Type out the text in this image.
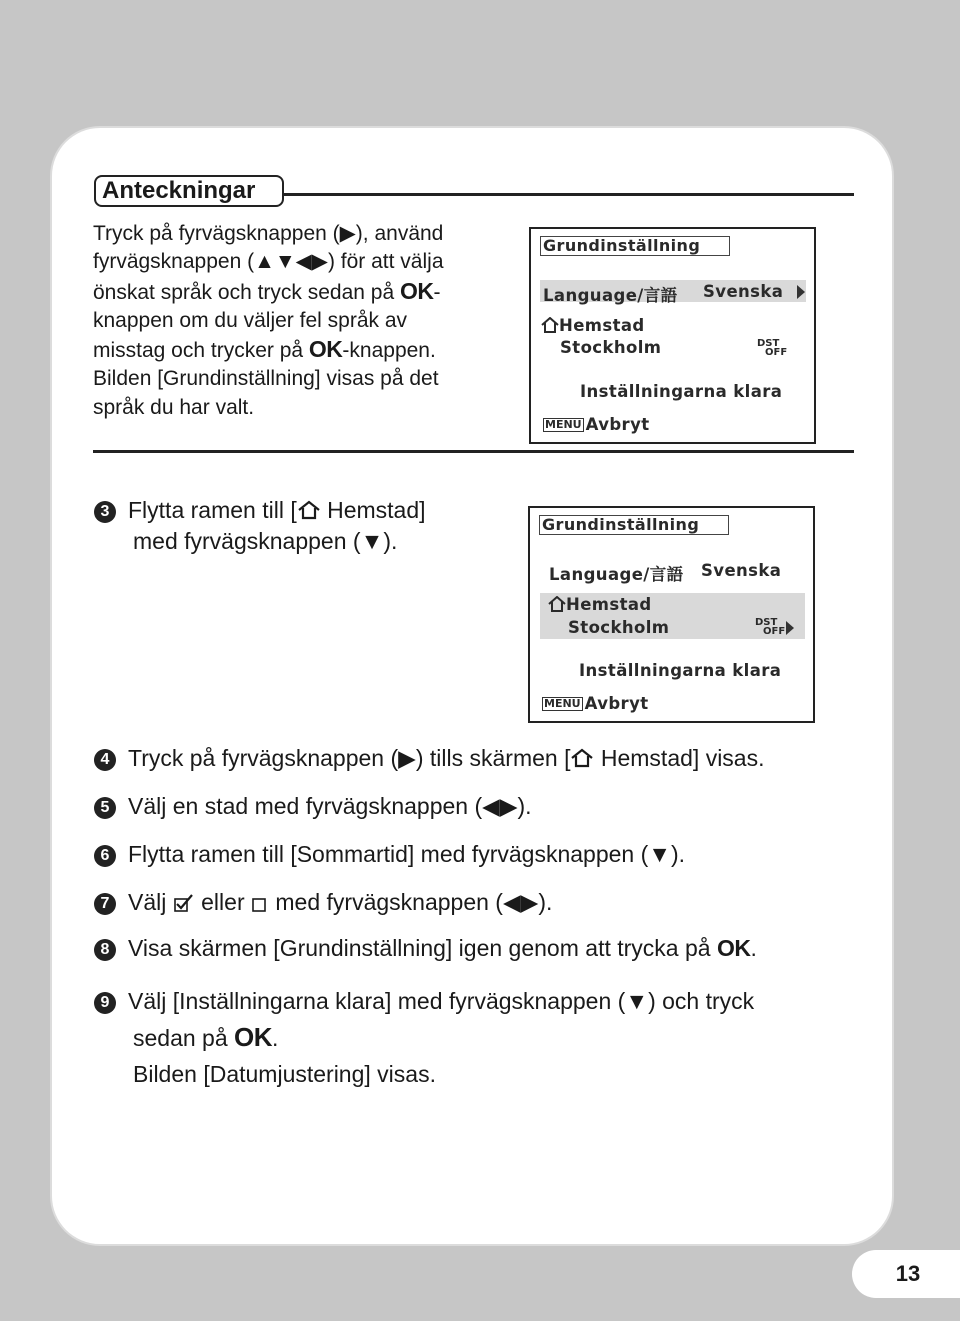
Anteckningar
Tryck på fyrvägsknappen (▶), använd
fyrvägsknappen (▲▼◀▶) för att välja
önskat språk och tryck sedan på OK-
knappen om du väljer fel språk av
misstag och trycker på OK-knappen.
Bilden [Grundinställning] visas på det
språk du har valt.
Grundinställning
Language/言語 Svenska
Hemstad
Stockholm	DST
OFF
Inställningarna klara
MENU Avbryt
3 Flytta ramen till [ Hemstad]
med fyrvägsknappen (▼).
Grundinställning
Language/言語 Svenska
Hemstad
Stockholm	DST
OFF
Inställningarna klara
MENU Avbryt
4 Tryck på fyrvägsknappen (▶) tills skärmen [ Hemstad] visas.
5 Välj en stad med fyrvägsknappen (◀▶).
6 Flytta ramen till [Sommartid] med fyrvägsknappen (▼).
7 Välj eller med fyrvägsknappen (◀▶).
8 Visa skärmen [Grundinställning] igen genom att trycka på OK.
9 Välj [Inställningarna klara] med fyrvägsknappen (▼) och tryck
sedan på OK.
Bilden [Datumjustering] visas.
13
